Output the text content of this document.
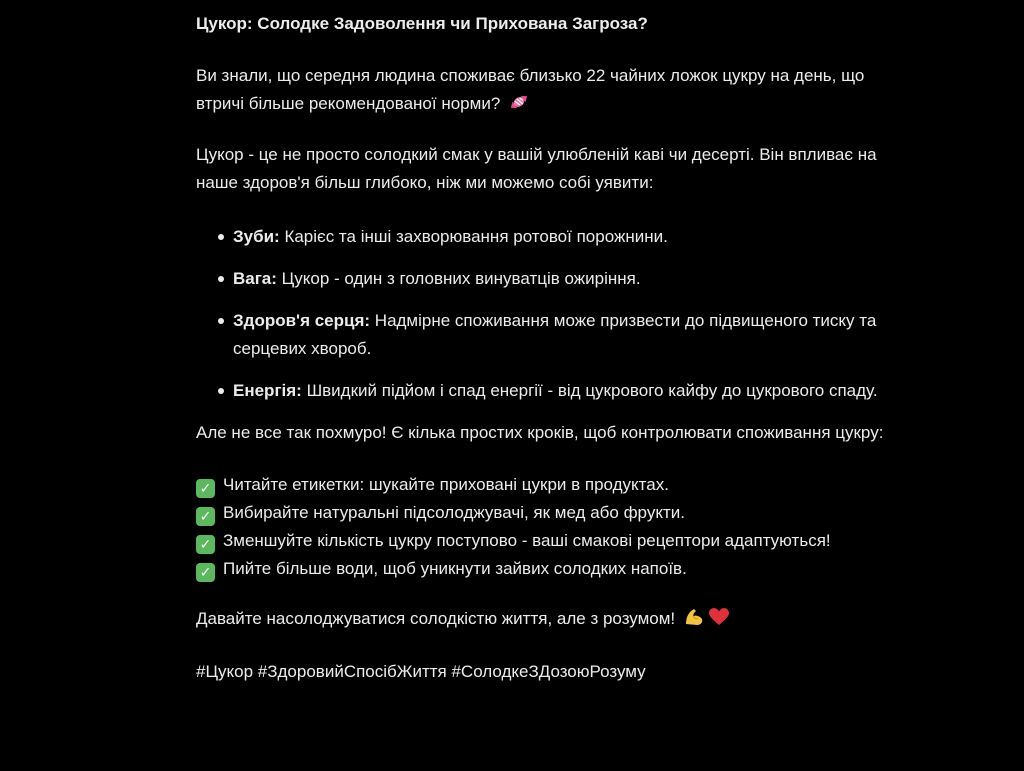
Цукор: Солодке Задоволення чи Прихована Загроза?

Ви знали, що середня людина споживає близько 22 чайних ложок цукру на день, що втричі більше рекомендованої норми?

Цукор - це не просто солодкий смак у вашій улюбленій каві чи десерті. Він впливає на наше здоров'я більш глибоко, ніж ми можемо собі уявити:

Зуби: Карієс та інші захворювання ротової порожнини.
Вага: Цукор - один з головних винуватців ожиріння.
Здоров'я серця: Надмірне споживання може призвести до підвищеного тиску та серцевих хвороб.
Енергія: Швидкий підйом і спад енергії - від цукрового кайфу до цукрового спаду.

Але не все так похмуро! Є кілька простих кроків, щоб контролювати споживання цукру:

✓ Читайте етикетки: шукайте приховані цукри в продуктах.
✓ Вибирайте натуральні підсолоджувачі, як мед або фрукти.
✓ Зменшуйте кількість цукру поступово - ваші смакові рецептори адаптуються!
✓ Пийте більше води, щоб уникнути зайвих солодких напоїв.

Давайте насолоджуватися солодкістю життя, але з розумом!

#Цукор #ЗдоровийСпосібЖиття #СолодкеЗДозоюРозуму
